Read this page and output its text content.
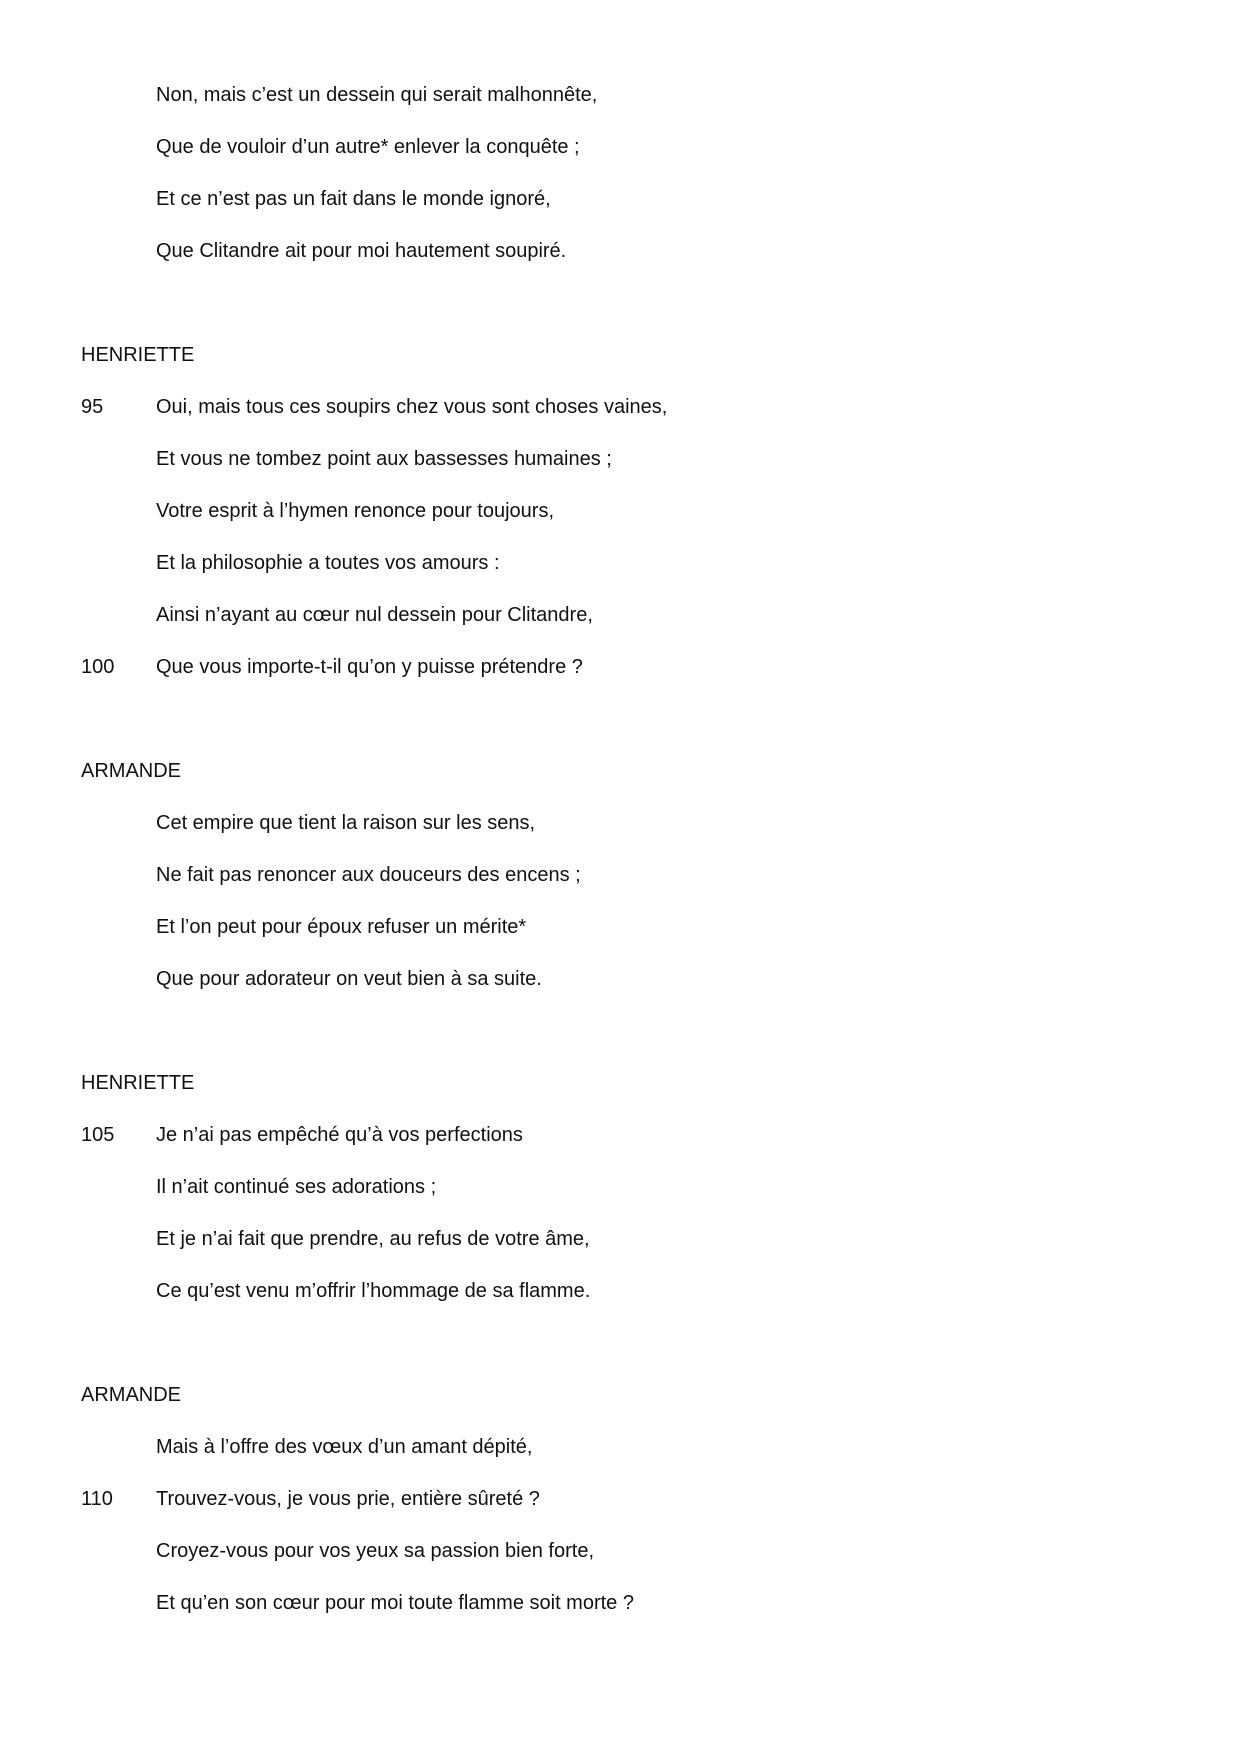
Non, mais c’est un dessein qui serait malhonnête,
Que de vouloir d’un autre* enlever la conquête ;
Et ce n’est pas un fait dans le monde ignoré,
Que Clitandre ait pour moi hautement soupiré.
HENRIETTE
95	Oui, mais tous ces soupirs chez vous sont choses vaines,
Et vous ne tombez point aux bassesses humaines ;
Votre esprit à l’hymen renonce pour toujours,
Et la philosophie a toutes vos amours :
Ainsi n’ayant au cœur nul dessein pour Clitandre,
100 Que vous importe-t-il qu’on y puisse prétendre ?
ARMANDE
Cet empire que tient la raison sur les sens,
Ne fait pas renoncer aux douceurs des encens ;
Et l’on peut pour époux refuser un mérite*
Que pour adorateur on veut bien à sa suite.
HENRIETTE
105 Je n’ai pas empêché qu’à vos perfections
Il n’ait continué ses adorations ;
Et je n’ai fait que prendre, au refus de votre âme,
Ce qu’est venu m’offrir l’hommage de sa flamme.
ARMANDE
Mais à l’offre des vœux d’un amant dépité,
110 Trouvez-vous, je vous prie, entière sûreté ?
Croyez-vous pour vos yeux sa passion bien forte,
Et qu’en son cœur pour moi toute flamme soit morte ?
